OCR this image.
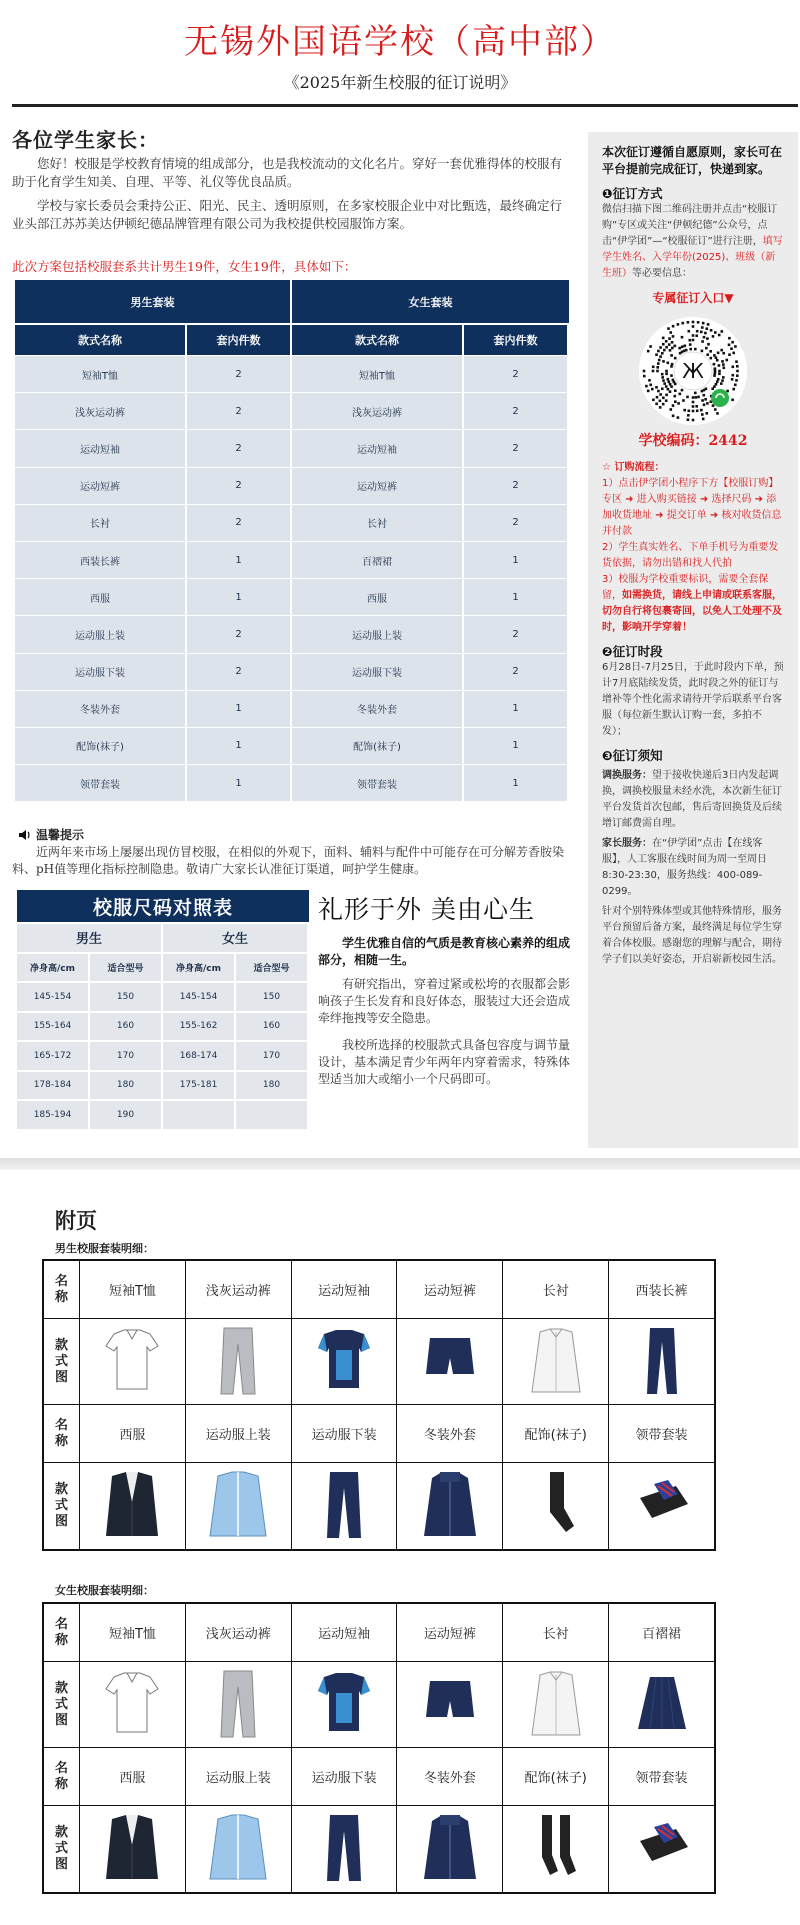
无锡外国语学校（高中部）
《2025年新生校服的征订说明》
各位学生家长：
您好！校服是学校教育情境的组成部分，也是我校流动的文化名片。穿好一套优雅得体的校服有助于化育学生知美、自理、平等、礼仪等优良品质。
学校与家长委员会秉持公正、阳光、民主、透明原则，在多家校服企业中对比甄选，最终确定行业头部江苏苏美达伊顿纪德品牌管理有限公司为我校提供校园服饰方案。
此次方案包括校服套系共计男生19件，女生19件，具体如下：
男生套装	女生套装
款式名称	套内件数	款式名称	套内件数
短袖T恤	2	短袖T恤	2
浅灰运动裤	2	浅灰运动裤	2
运动短袖	2	运动短袖	2
运动短裤	2	运动短裤	2
长衬	2	长衬	2
西装长裤	1	百褶裙	1
西服	1	西服	1
运动服上装	2	运动服上装	2
运动服下装	2	运动服下装	2
冬装外套	1	冬装外套	1
配饰(袜子)	1	配饰(袜子)	1
领带套装	1	领带套装	1
温馨提示
近两年来市场上屡屡出现仿冒校服，在相似的外观下，面料、辅料与配件中可能存在可分解芳香胺染料、pH值等理化指标控制隐患。敬请广大家长认准征订渠道，呵护学生健康。
校服尺码对照表
男生	女生
净身高/cm	适合型号	净身高/cm	适合型号
145-154	150	145-154	150
155-164	160	155-162	160
165-172	170	168-174	170
178-184	180	175-181	180
185-194	190
礼形于外 美由心生
学生优雅自信的气质是教育核心素养的组成部分，相随一生。
有研究指出，穿着过紧或松垮的衣服都会影响孩子生长发育和良好体态，服装过大还会造成牵绊拖拽等安全隐患。
我校所选择的校服款式具备包容度与调节量设计，基本满足青少年两年内穿着需求，特殊体型适当加大或缩小一个尺码即可。
本次征订遵循自愿原则，家长可在平台提前完成征订，快递到家。
❶征订方式
微信扫描下图二维码注册并点击“校服订购”专区或关注“伊顿纪德”公众号，点击“伊学团”—“校服征订”进行注册，填写学生姓名、入学年份(2025)、班级（新生班）等必要信息：
专属征订入口▼
Ж
学校编码：2442
☆ 订购流程：
1）点击伊学团小程序下方【校服订购】专区 ➜ 进入购买链接 ➜ 选择尺码 ➜ 添加收货地址 ➜ 提交订单 ➜ 核对收货信息并付款
2）学生真实姓名、下单手机号为重要发货依据，请勿出错和找人代拍
3）校服为学校重要标识，需要全套保留，如需换货，请线上申请或联系客服，切勿自行将包裹寄回，以免人工处理不及时，影响开学穿着！
❷征订时段
6月28日-7月25日，于此时段内下单，预计7月底陆续发货，此时段之外的征订与增补等个性化需求请待开学后联系平台客服（每位新生默认订购一套，多拍不发）；
❸征订须知
调换服务：望于接收快递后3日内发起调换，调换校服量未经水洗，本次新生征订平台发货首次包邮，售后寄回换货及后续增订邮费需自理。
家长服务：在“伊学团”点击【在线客服】，人工客服在线时间为周一至周日8:30-23:30，服务热线：400-089-0299。
针对个别特殊体型或其他特殊情形，服务平台预留后备方案，最终满足每位学生穿着合体校服。感谢您的理解与配合，期待学子们以美好姿态，开启崭新校园生活。
附页
男生校服套装明细：
名称	短袖T恤	浅灰运动裤	运动短袖	运动短裤	长衬	西装长裤
款式图
名称	西服	运动服上装	运动服下装	冬装外套	配饰(袜子)	领带套装
款式图
女生校服套装明细：
名称	短袖T恤	浅灰运动裤	运动短袖	运动短裤	长衬	百褶裙
款式图
名称	西服	运动服上装	运动服下装	冬装外套	配饰(袜子)	领带套装
款式图
